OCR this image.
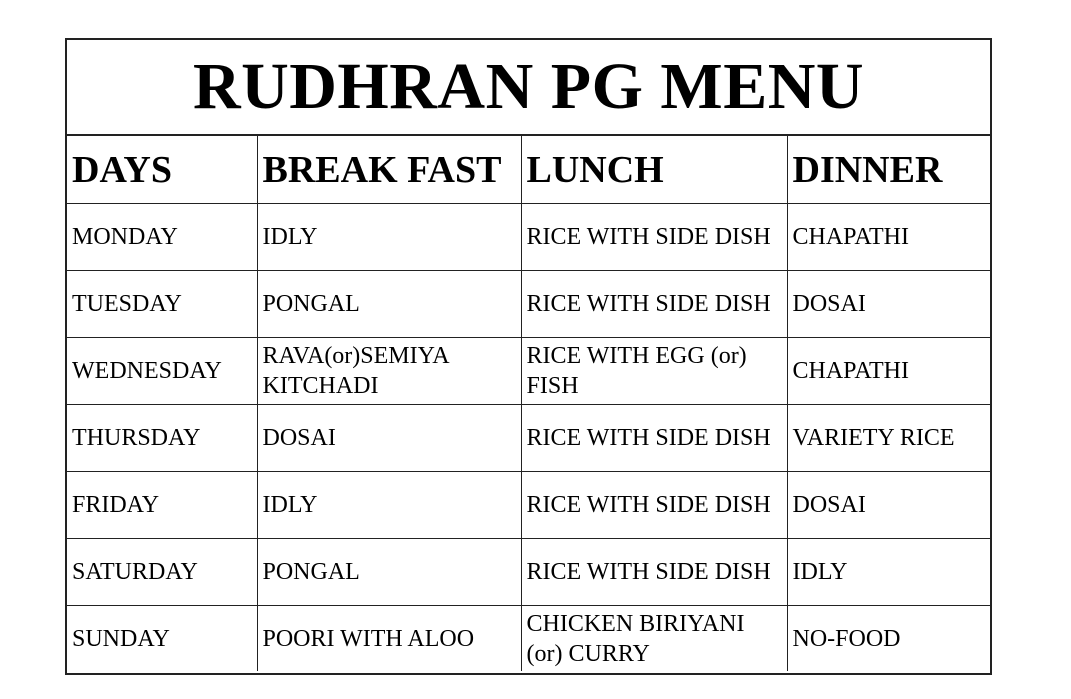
RUDHRAN PG MENU
DAYS	BREAK FAST	LUNCH	DINNER
MONDAY	IDLY	RICE WITH SIDE DISH	CHAPATHI
TUESDAY	PONGAL	RICE WITH SIDE DISH	DOSAI
WEDNESDAY	RAVA(or)SEMIYA KITCHADI	RICE WITH EGG (or) FISH	CHAPATHI
THURSDAY	DOSAI	RICE WITH SIDE DISH	VARIETY RICE
FRIDAY	IDLY	RICE WITH SIDE DISH	DOSAI
SATURDAY	PONGAL	RICE WITH SIDE DISH	IDLY
SUNDAY	POORI WITH ALOO	CHICKEN BIRIYANI (or) CURRY	NO-FOOD
